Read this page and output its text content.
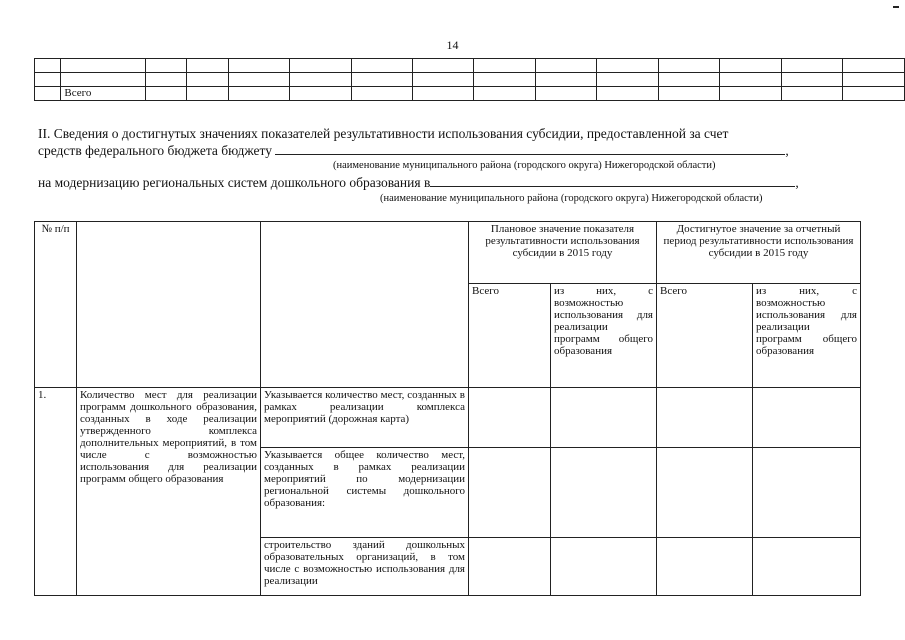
14

	Всего													
II. Сведения о достигнутых значениях показателей результативности использования субсидии, предоставленной за счет
средств федерального бюджета бюджету	,
(наименование муниципального района (городского округа) Нижегородской области)
на модернизацию региональных систем дошкольного образования в	,
(наименование муниципального района (городского округа) Нижегородской области)
№ п/п			Плановое значение показателя результативности использования субсидии в 2015 году		Достигнутое значение за отчетный период результативности использования субсидии в 2015 году	
			Всего	из них, с возможностью использования для реализации программ общего образования	Всего	из них, с возможностью использования для реализации программ общего образования
1.	Количество мест для реализации программ дошкольного образования, созданных в ходе реализации утвержденного комплекса дополнительных мероприятий, в том числе с возможностью использования для реализации программ общего образования	Указывается количество мест, созданных в рамках реализации комплекса мероприятий (дорожная карта)				
		Указывается общее количество мест, созданных в рамках реализации мероприятий по модернизации региональной системы дошкольного образования:				
		строительство зданий дошкольных образовательных организаций, в том числе с возможностью использования для реализации				
